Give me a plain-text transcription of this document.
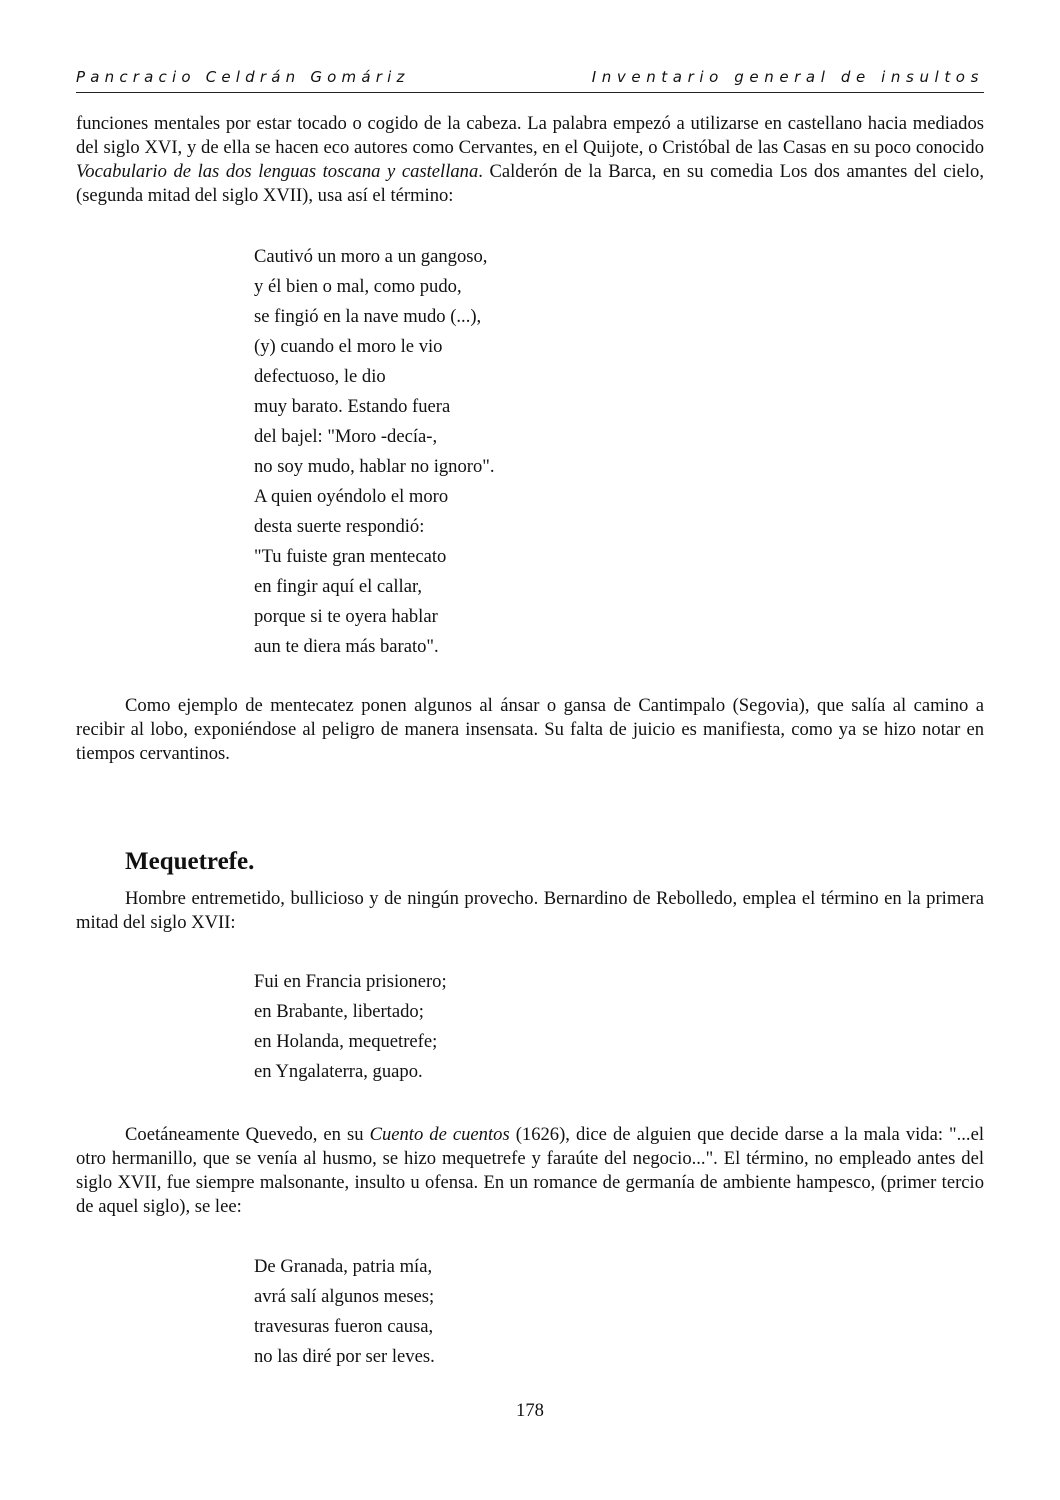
Pancracio Celdrán Gomáriz	Inventario general de insultos
funciones mentales por estar tocado o cogido de la cabeza. La palabra empezó a utilizarse en castellano hacia mediados del siglo XVI, y de ella se hacen eco autores como Cervantes, en el Quijote, o Cristóbal de las Casas en su poco conocido Vocabulario de las dos lenguas toscana y castellana. Calderón de la Barca, en su comedia Los dos amantes del cielo, (segunda mitad del siglo XVII), usa así el término:
Cautivó un moro a un gangoso,
y él bien o mal, como pudo,
se fingió en la nave mudo (...),
(y) cuando el moro le vio
defectuoso, le dio
muy barato. Estando fuera
del bajel: "Moro -decía-,
no soy mudo, hablar no ignoro".
A quien oyéndolo el moro
desta suerte respondió:
"Tu fuiste gran mentecato
en fingir aquí el callar,
porque si te oyera hablar
aun te diera más barato".
Como ejemplo de mentecatez ponen algunos al ánsar o gansa de Cantimpalo (Segovia), que salía al camino a recibir al lobo, exponiéndose al peligro de manera insensata. Su falta de juicio es manifiesta, como ya se hizo notar en tiempos cervantinos.
Mequetrefe.
Hombre entremetido, bullicioso y de ningún provecho. Bernardino de Rebolledo, emplea el término en la primera mitad del siglo XVII:
Fui en Francia prisionero;
en Brabante, libertado;
en Holanda, mequetrefe;
en Yngalaterra, guapo.
Coetáneamente Quevedo, en su Cuento de cuentos (1626), dice de alguien que decide darse a la mala vida: "...el otro hermanillo, que se venía al husmo, se hizo mequetrefe y faraúte del negocio...". El término, no empleado antes del siglo XVII, fue siempre malsonante, insulto u ofensa. En un romance de germanía de ambiente hampesco, (primer tercio de aquel siglo), se lee:
De Granada, patria mía,
avrá salí algunos meses;
travesuras fueron causa,
no las diré por ser leves.
178
